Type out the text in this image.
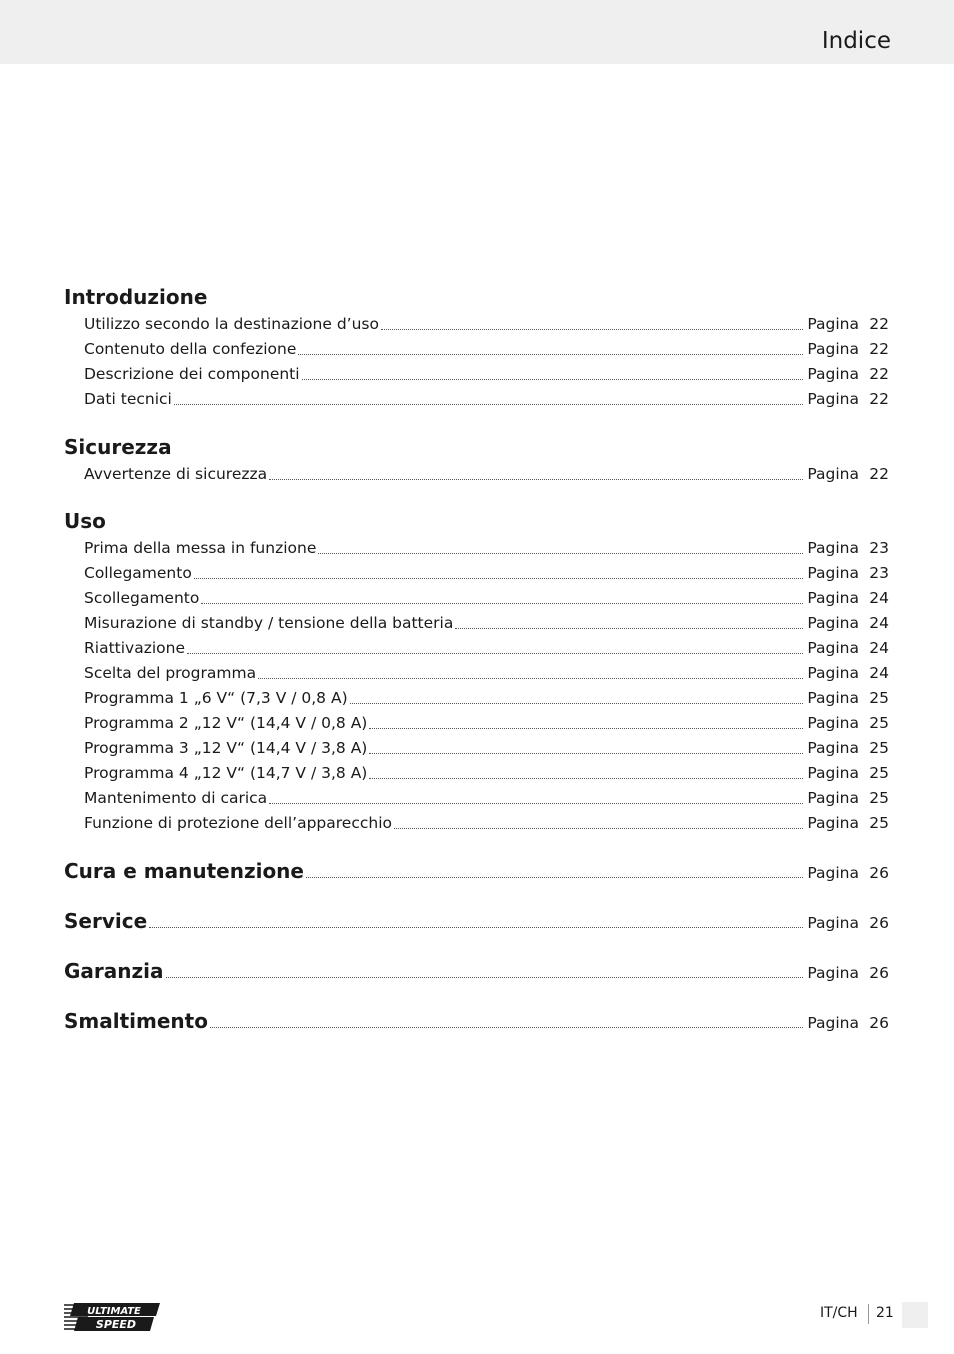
Indice
Introduzione
Utilizzo secondo la destinazione d’uso	Pagina 22
Contenuto della confezione	Pagina 22
Descrizione dei componenti	Pagina 22
Dati tecnici	Pagina 22
Sicurezza
Avvertenze di sicurezza	Pagina 22
Uso
Prima della messa in funzione	Pagina 23
Collegamento	Pagina 23
Scollegamento	Pagina 24
Misurazione di standby / tensione della batteria	Pagina 24
Riattivazione	Pagina 24
Scelta del programma	Pagina 24
Programma 1 „6 V“ (7,3 V / 0,8 A)	Pagina 25
Programma 2 „12 V“ (14,4 V / 0,8 A)	Pagina 25
Programma 3 „12 V“ (14,4 V / 3,8 A)	Pagina 25
Programma 4 „12 V“ (14,7 V / 3,8 A)	Pagina 25
Mantenimento di carica	Pagina 25
Funzione di protezione dell’apparecchio	Pagina 25
Cura e manutenzione	Pagina 26
Service	Pagina 26
Garanzia	Pagina 26
Smaltimento	Pagina 26
ULTIMATE
SPEED
IT/CH 21
